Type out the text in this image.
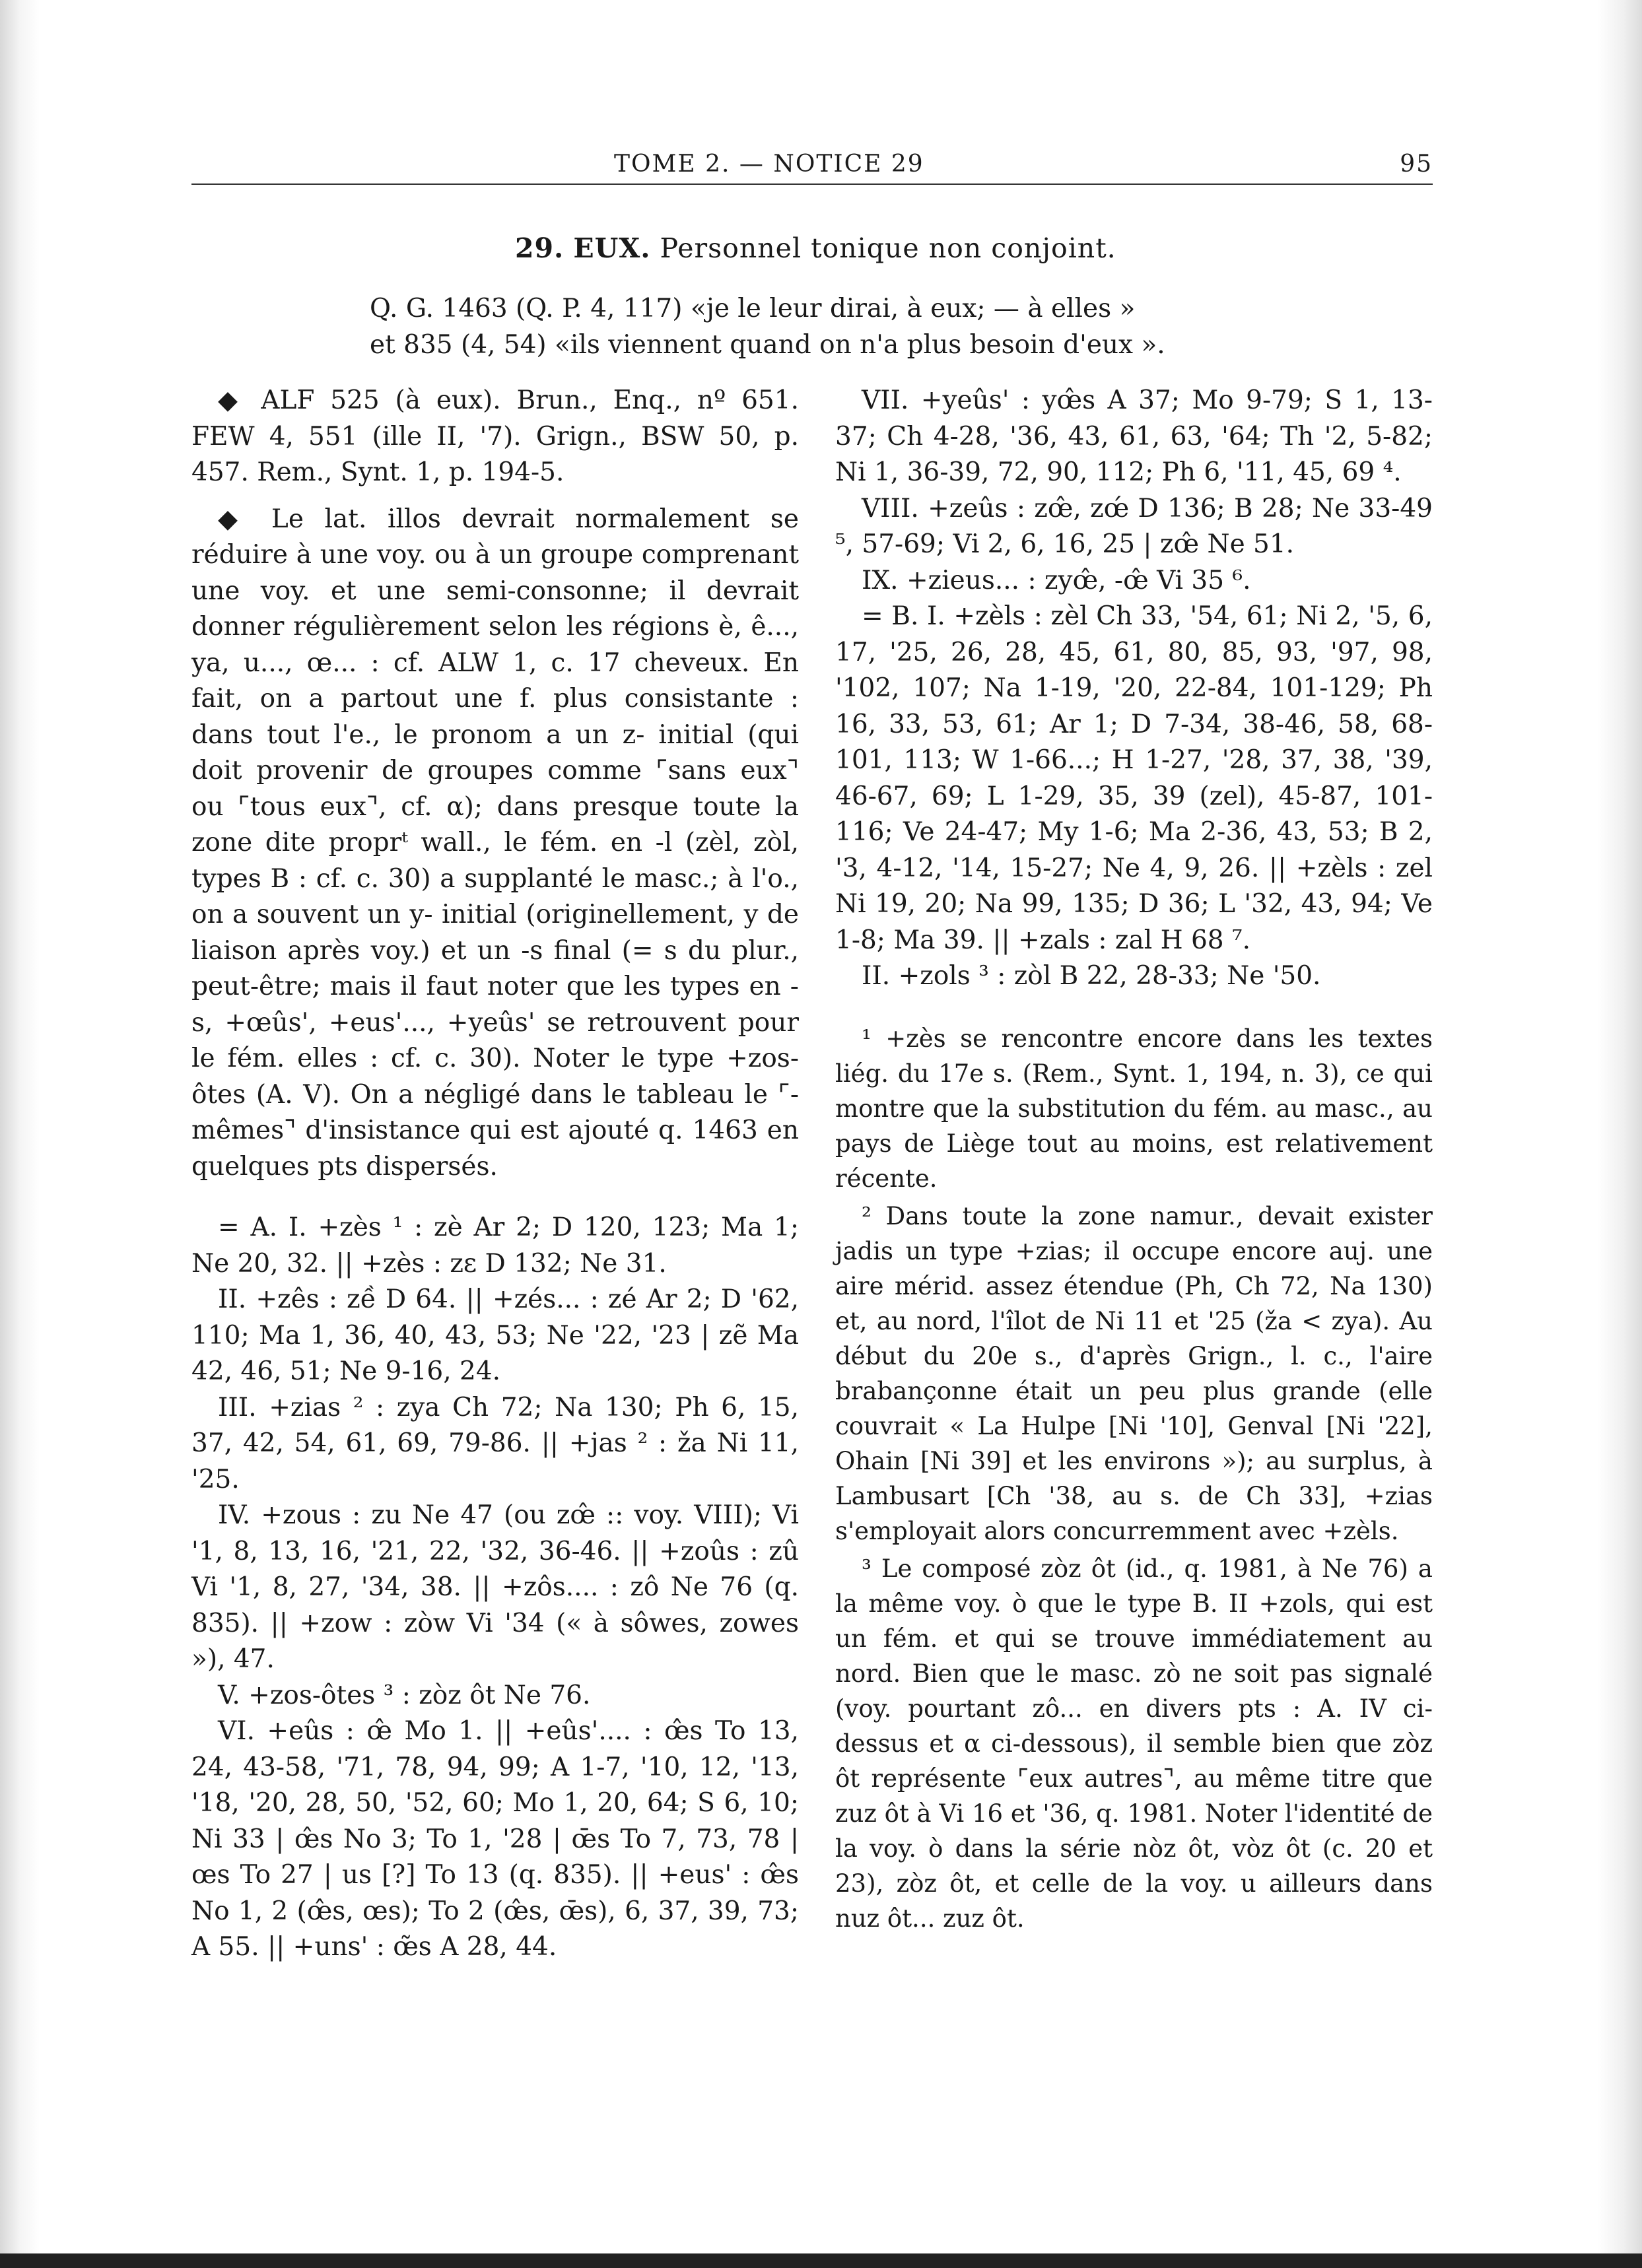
TOME 2. — NOTICE 29	95
29. EUX. Personnel tonique non conjoint.
Q. G. 1463 (Q. P. 4, 117) «je le leur dirai, à eux; — à elles »
et 835 (4, 54) «ils viennent quand on n'a plus besoin d'eux ».

◆ ALF 525 (à eux). Brun., Enq., nº 651. FEW 4, 551 (ille II, '7). Grign., BSW 50, p. 457. Rem., Synt. 1, p. 194-5.

◆ Le lat. illos devrait normalement se réduire à une voy. ou à un groupe comprenant une voy. et une semi-consonne; il devrait donner régulièrement selon les régions è, ê..., ya, u..., œ... : cf. ALW 1, c. 17 cheveux. En fait, on a partout une f. plus consistante : dans tout l'e., le pronom a un z- initial (qui doit provenir de groupes comme ⌜sans eux⌝ ou ⌜tous eux⌝, cf. α); dans presque toute la zone dite proprᵗ wall., le fém. en -l (zèl, zòl, types B : cf. c. 30) a supplanté le masc.; à l'o., on a souvent un y- initial (originellement, y de liaison après voy.) et un -s final (= s du plur., peut-être; mais il faut noter que les types en -s, +œûs', +eus'..., +yeûs' se retrouvent pour le fém. elles : cf. c. 30). Noter le type +zos-ôtes (A. V). On a négligé dans le tableau le ⌜-mêmes⌝ d'insistance qui est ajouté q. 1463 en quelques pts dispersés.

= A. I. +zès ¹ : zè Ar 2; D 120, 123; Ma 1; Ne 20, 32. || +zès : zɛ D 132; Ne 31.

II. +zês : zề D 64. || +zés... : zé Ar 2; D '62, 110; Ma 1, 36, 40, 43, 53; Ne '22, '23 | zẽ Ma 42, 46, 51; Ne 9-16, 24.

III. +zias ² : zya Ch 72; Na 130; Ph 6, 15, 37, 42, 54, 61, 69, 79-86. || +jas ² : ža Ni 11, '25.

IV. +zous : zu Ne 47 (ou zœ̂ :: voy. VIII); Vi '1, 8, 13, 16, '21, 22, '32, 36-46. || +zoûs : zû Vi '1, 8, 27, '34, 38. || +zôs.... : zô Ne 76 (q. 835). || +zow : zòw Vi '34 (« à sôwes, zowes »), 47.

V. +zos-ôtes ³ : zòz ôt Ne 76.

VI. +eûs : œ̂ Mo 1. || +eûs'.... : œ̂s To 13, 24, 43-58, '71, 78, 94, 99; A 1-7, '10, 12, '13, '18, '20, 28, 50, '52, 60; Mo 1, 20, 64; S 6, 10; Ni 33 | œ̂s No 3; To 1, '28 | œ̄s To 7, 73, 78 | œs To 27 | us [?] To 13 (q. 835). || +eus' : œ̂s No 1, 2 (œ̂s, œs); To 2 (œ̂s, œ̄s), 6, 37, 39, 73; A 55. || +uns' : œ̃s A 28, 44.

VII. +yeûs' : yœ̂s A 37; Mo 9-79; S 1, 13-37; Ch 4-28, '36, 43, 61, 63, '64; Th '2, 5-82; Ni 1, 36-39, 72, 90, 112; Ph 6, '11, 45, 69 ⁴.

VIII. +zeûs : zœ̂, zœ́ D 136; B 28; Ne 33-49 ⁵, 57-69; Vi 2, 6, 16, 25 | zœ̂ Ne 51.

IX. +zieus... : zyœ̂, -œ̂ Vi 35 ⁶.

= B. I. +zèls : zèl Ch 33, '54, 61; Ni 2, '5, 6, 17, '25, 26, 28, 45, 61, 80, 85, 93, '97, 98, '102, 107; Na 1-19, '20, 22-84, 101-129; Ph 16, 33, 53, 61; Ar 1; D 7-34, 38-46, 58, 68-101, 113; W 1-66...; H 1-27, '28, 37, 38, '39, 46-67, 69; L 1-29, 35, 39 (zel), 45-87, 101-116; Ve 24-47; My 1-6; Ma 2-36, 43, 53; B 2, '3, 4-12, '14, 15-27; Ne 4, 9, 26. || +zèls : zel Ni 19, 20; Na 99, 135; D 36; L '32, 43, 94; Ve 1-8; Ma 39. || +zals : zal H 68 ⁷.

II. +zols ³ : zòl B 22, 28-33; Ne '50.

¹ +zès se rencontre encore dans les textes liég. du 17e s. (Rem., Synt. 1, 194, n. 3), ce qui montre que la substitution du fém. au masc., au pays de Liège tout au moins, est relativement récente.

² Dans toute la zone namur., devait exister jadis un type +zias; il occupe encore auj. une aire mérid. assez étendue (Ph, Ch 72, Na 130) et, au nord, l'îlot de Ni 11 et '25 (ža < zya). Au début du 20e s., d'après Grign., l. c., l'aire brabançonne était un peu plus grande (elle couvrait « La Hulpe [Ni '10], Genval [Ni '22], Ohain [Ni 39] et les environs »); au surplus, à Lambusart [Ch '38, au s. de Ch 33], +zias s'employait alors concurremment avec +zèls.

³ Le composé zòz ôt (id., q. 1981, à Ne 76) a la même voy. ò que le type B. II +zols, qui est un fém. et qui se trouve immédiatement au nord. Bien que le masc. zò ne soit pas signalé (voy. pourtant zô... en divers pts : A. IV ci-dessus et α ci-dessous), il semble bien que zòz ôt représente ⌜eux autres⌝, au même titre que zuz ôt à Vi 16 et '36, q. 1981. Noter l'identité de la voy. ò dans la série nòz ôt, vòz ôt (c. 20 et 23), zòz ôt, et celle de la voy. u ailleurs dans nuz ôt... zuz ôt.
